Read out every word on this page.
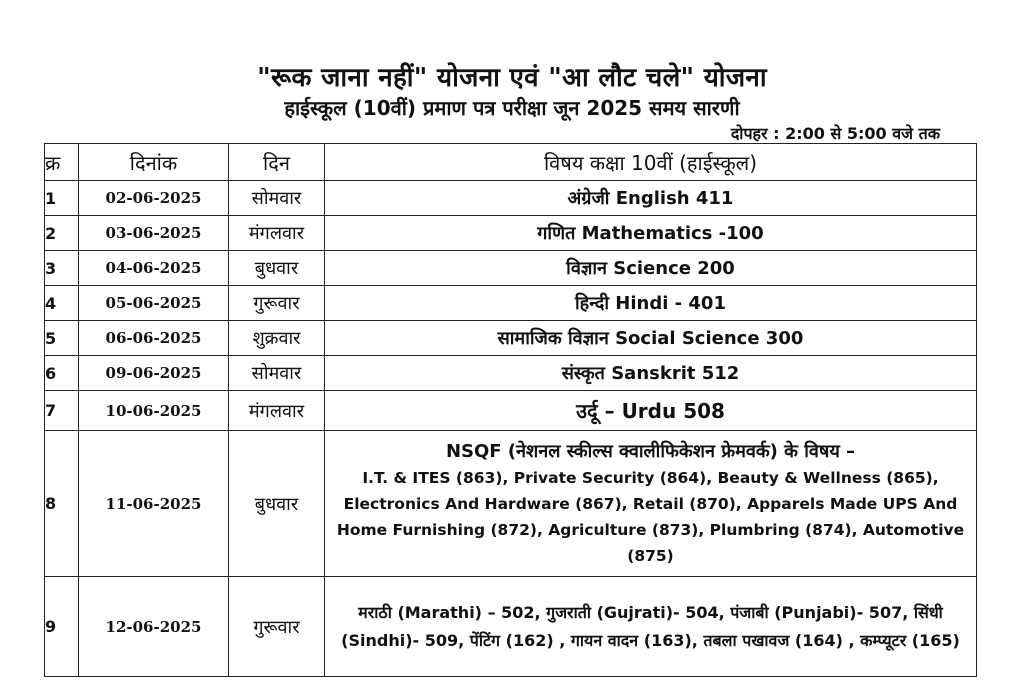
"रूक जाना नहीं" योजना एवं "आ लौट चले" योजना
हाईस्कूल (10वीं) प्रमाण पत्र परीक्षा जून 2025 समय सारणी
दोपहर : 2:00 से 5:00 वजे तक
क्र	दिनांक	दिन	विषय कक्षा 10वीं (हाईस्कूल)
1	02-06-2025	सोमवार	अंग्रेजी English 411
2	03-06-2025	मंगलवार	गणित Mathematics -100
3	04-06-2025	बुधवार	विज्ञान Science 200
4	05-06-2025	गुरूवार	हिन्दी Hindi - 401
5	06-06-2025	शुक्रवार	सामाजिक विज्ञान Social Science 300
6	09-06-2025	सोमवार	संस्कृत Sanskrit 512
7	10-06-2025	मंगलवार	उर्दू – Urdu 508
8	11-06-2025	बुधवार	NSQF (नेशनल स्कील्स क्वालीफिकेशन फ्रेमवर्क) के विषय –
I.T. & ITES (863), Private Security (864), Beauty & Wellness (865), Electronics And Hardware (867), Retail (870), Apparels Made UPS And Home Furnishing (872), Agriculture (873), Plumbring (874), Automotive (875)
9	12-06-2025	गुरूवार	मराठी (Marathi) – 502, गुजराती (Gujrati)- 504, पंजाबी (Punjabi)- 507, सिंधी (Sindhi)- 509, पेंटिंग (162) , गायन वादन (163), तबला पखावज (164) , कम्प्यूटर (165)
